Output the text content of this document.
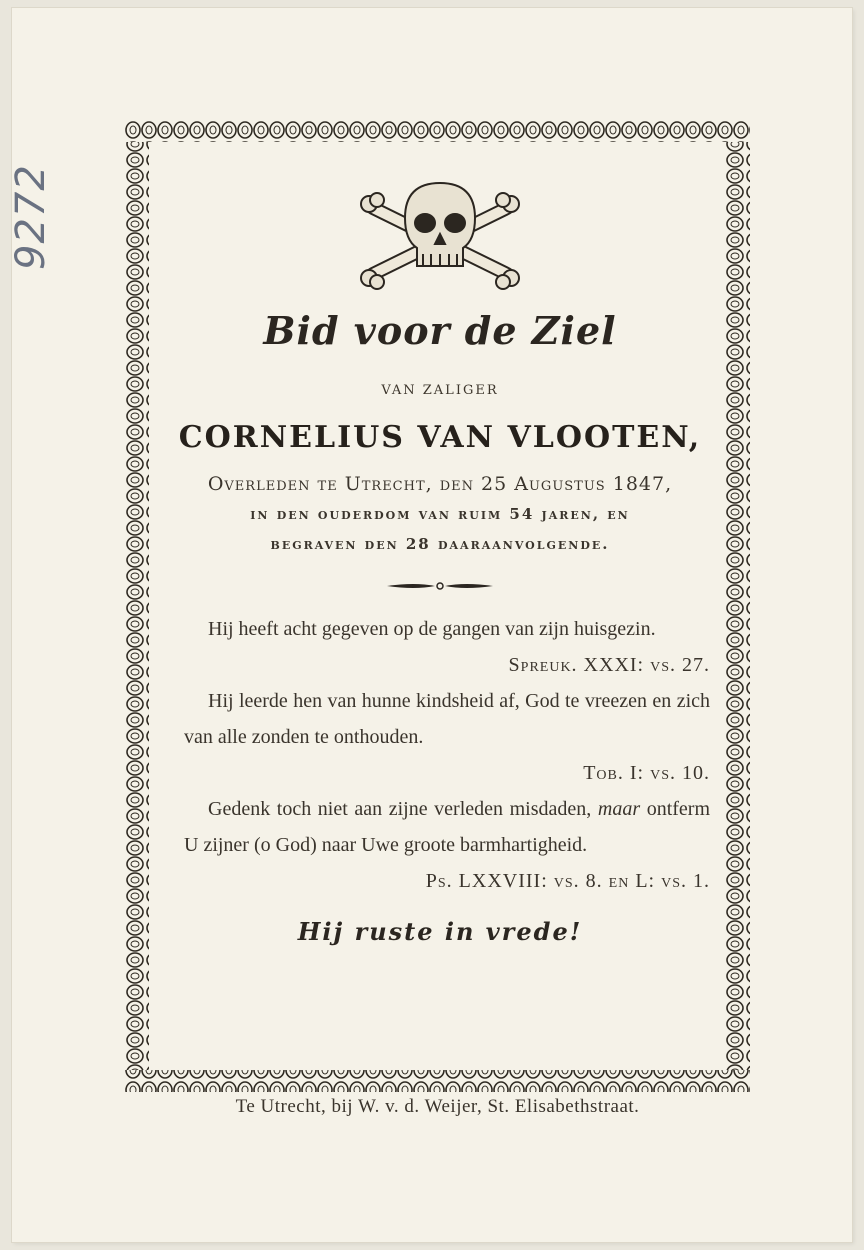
9272
Bid voor de Ziel
VAN ZALIGER
CORNELIUS VAN VLOOTEN,
Overleden te Utrecht, den 25 Augustus 1847,
in den ouderdom van ruim 54 jaren, en
begraven den 28 daaraanvolgende.

Hij heeft acht gegeven op de gangen van zijn huisgezin.

Spreuk. XXXI: vs. 27.

Hij leerde hen van hunne kindsheid af, God te vreezen en zich van alle zonden te onthouden.

Tob. I: vs. 10.

Gedenk toch niet aan zijne verleden misdaden, maar ontferm U zijner (o God) naar Uwe groote barmhartigheid.

Ps. LXXVIII: vs. 8. en L: vs. 1.

Hij ruste in vrede!
Te Utrecht, bij W. v. d. Weijer, St. Elisabethstraat.
